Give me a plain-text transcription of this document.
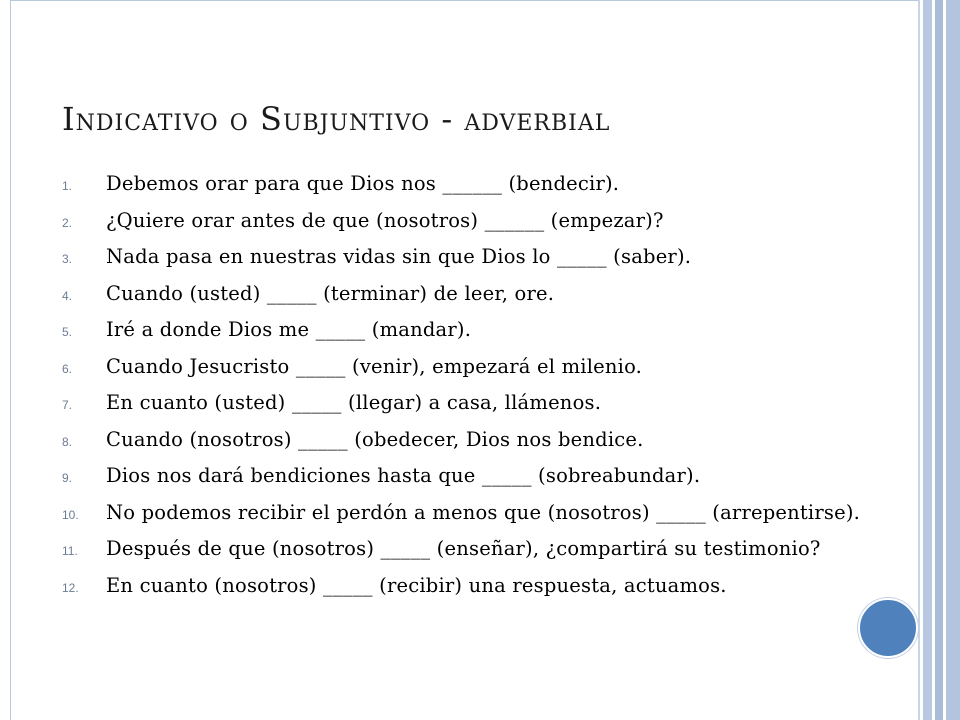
Indicativo o Subjuntivo - adverbial
1.	Debemos orar para que Dios nos ______ (bendecir).
2.	¿Quiere orar antes de que (nosotros) ______ (empezar)?
3.	Nada pasa en nuestras vidas sin que Dios lo _____ (saber).
4.	Cuando (usted) _____ (terminar) de leer, ore.
5.	Iré a donde Dios me _____ (mandar).
6.	Cuando Jesucristo _____ (venir), empezará el milenio.
7.	En cuanto (usted) _____ (llegar) a casa, llámenos.
8.	Cuando (nosotros) _____ (obedecer, Dios nos bendice.
9.	Dios nos dará bendiciones hasta que _____ (sobreabundar).
10.	No podemos recibir el perdón a menos que (nosotros) _____ (arrepentirse).
11.	Después de que (nosotros) _____ (enseñar), ¿compartirá su testimonio?
12.	En cuanto (nosotros) _____ (recibir) una respuesta, actuamos.
